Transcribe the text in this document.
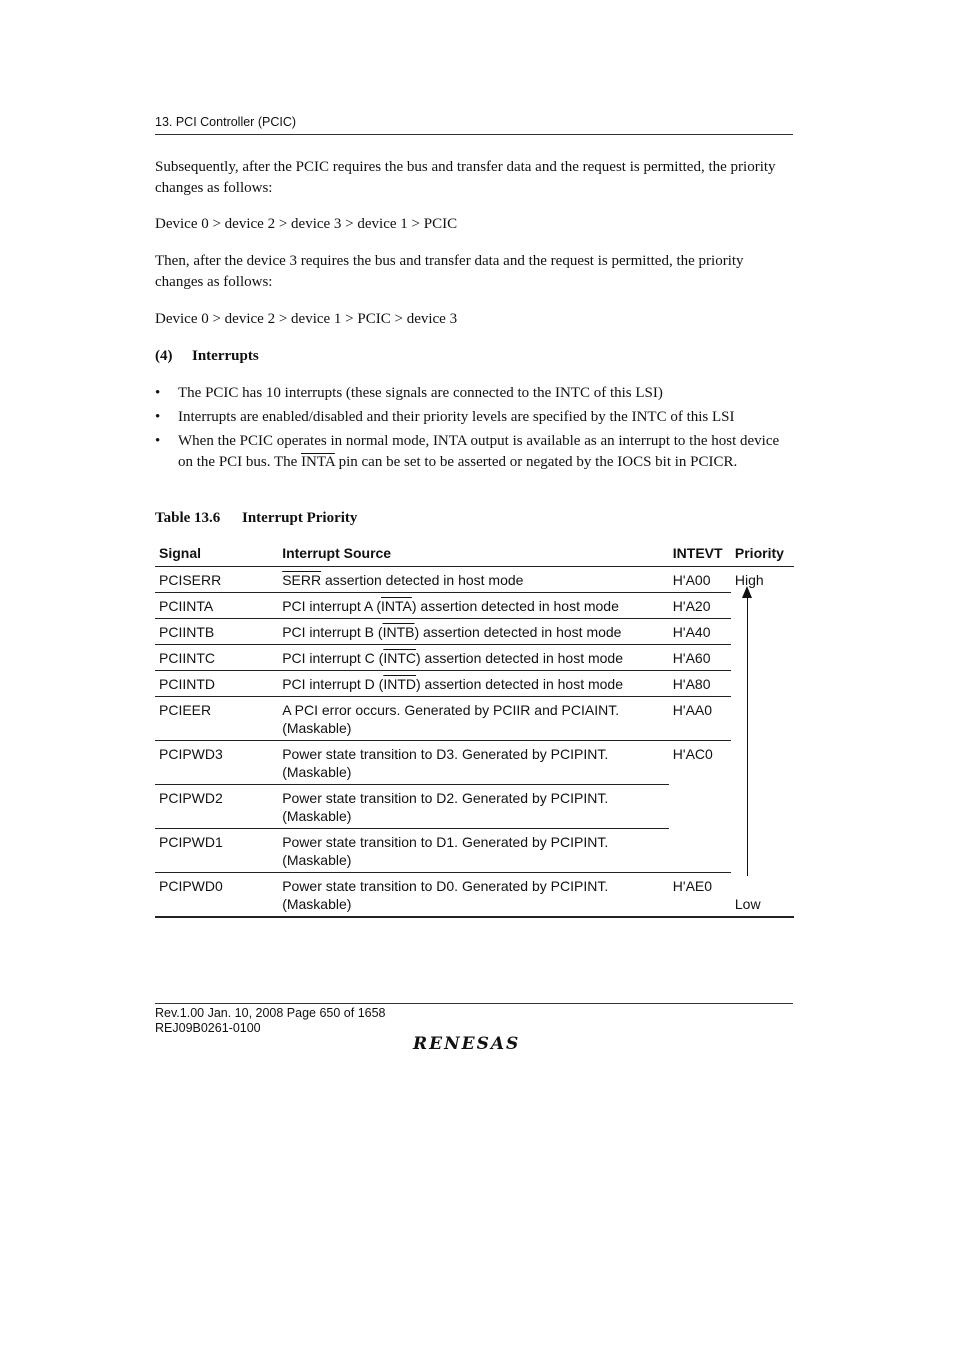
13. PCI Controller (PCIC)
Subsequently, after the PCIC requires the bus and transfer data and the request is permitted, the priority changes as follows:
Device 0 > device 2 > device 3 > device 1 > PCIC
Then, after the device 3 requires the bus and transfer data and the request is permitted, the priority changes as follows:
Device 0 > device 2 > device 1 > PCIC > device 3
(4) Interrupts
• The PCIC has 10 interrupts (these signals are connected to the INTC of this LSI)
• Interrupts are enabled/disabled and their priority levels are specified by the INTC of this LSI
• When the PCIC operates in normal mode, INTA output is available as an interrupt to the host device on the PCI bus. The INTA pin can be set to be asserted or negated by the IOCS bit in PCICR.
Table 13.6 Interrupt Priority
Signal	Interrupt Source	INTEVT	Priority
PCISERR	SERR assertion detected in host mode	H'A00	High
PCIINTA	PCI interrupt A (INTA) assertion detected in host mode	H'A20	
PCIINTB	PCI interrupt B (INTB) assertion detected in host mode	H'A40	
PCIINTC	PCI interrupt C (INTC) assertion detected in host mode	H'A60	
PCIINTD	PCI interrupt D (INTD) assertion detected in host mode	H'A80	
PCIEER	A PCI error occurs. Generated by PCIIR and PCIAINT.
(Maskable)	H'AA0	
PCIPWD3	Power state transition to D3. Generated by PCIPINT.
(Maskable)	H'AC0	
PCIPWD2	Power state transition to D2. Generated by PCIPINT.
(Maskable)		
PCIPWD1	Power state transition to D1. Generated by PCIPINT.
(Maskable)		
PCIPWD0	Power state transition to D0. Generated by PCIPINT.
(Maskable)	H'AE0	Low
Rev.1.00 Jan. 10, 2008 Page 650 of 1658
REJ09B0261-0100
RENESAS
